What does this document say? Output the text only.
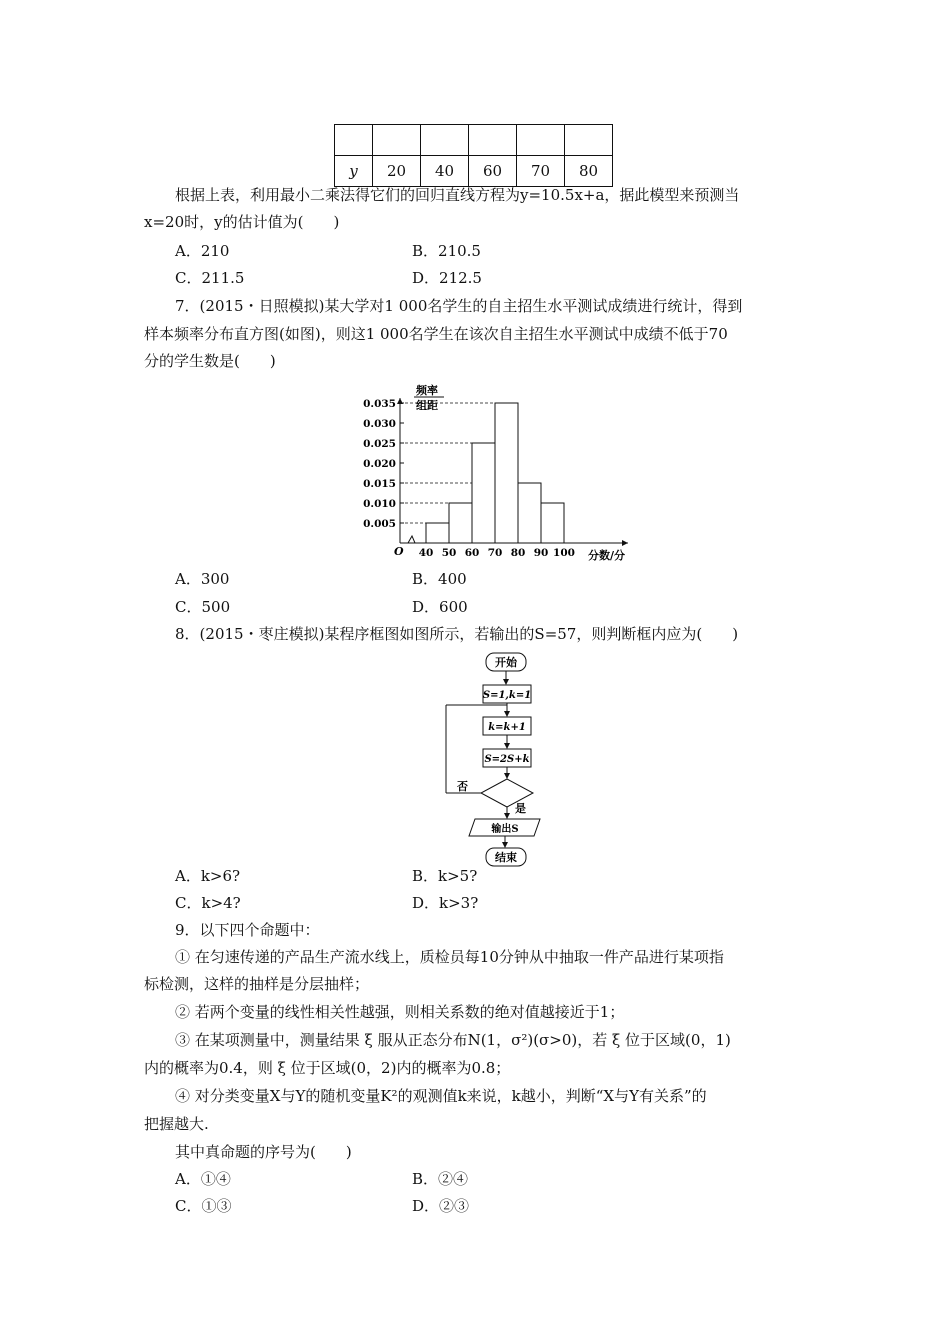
y	20	40	60	70	80
根据上表，利用最小二乘法得它们的回归直线方程为y=10.5x+a，据此模型来预测当
x=20时，y的估计值为(　　)
A．210	B．210.5
C．211.5	D．212.5
7．(2015・日照模拟)某大学对1 000名学生的自主招生水平测试成绩进行统计，得到
样本频率分布直方图(如图)，则这1 000名学生在该次自主招生水平测试中成绩不低于70
分的学生数是(　　)
频率
组距
0.035
0.030
0.025
0.020
0.015
0.010
0.005
40 50 60 70 80 90 100
O	分数/分
A．300	B．400
C．500	D．600
8．(2015・枣庄模拟)某程序框图如图所示，若输出的S=57，则判断框内应为(　　)
开始
S=1,k=1
k=k+1
S=2S+k
否
是
输出S
结束
A．k>6?	B．k>5?
C．k>4?	D．k>3?
9．以下四个命题中：
① 在匀速传递的产品生产流水线上，质检员每10分钟从中抽取一件产品进行某项指
标检测，这样的抽样是分层抽样；
② 若两个变量的线性相关性越强，则相关系数的绝对值越接近于1；
③ 在某项测量中，测量结果 ξ 服从正态分布N(1，σ²)(σ>0)，若 ξ 位于区域(0，1)
内的概率为0.4，则 ξ 位于区域(0，2)内的概率为0.8；
④ 对分类变量X与Y的随机变量K²的观测值k来说，k越小，判断“X与Y有关系”的
把握越大.
其中真命题的序号为(　　)
A．①④	B．②④
C．①③	D．②③
